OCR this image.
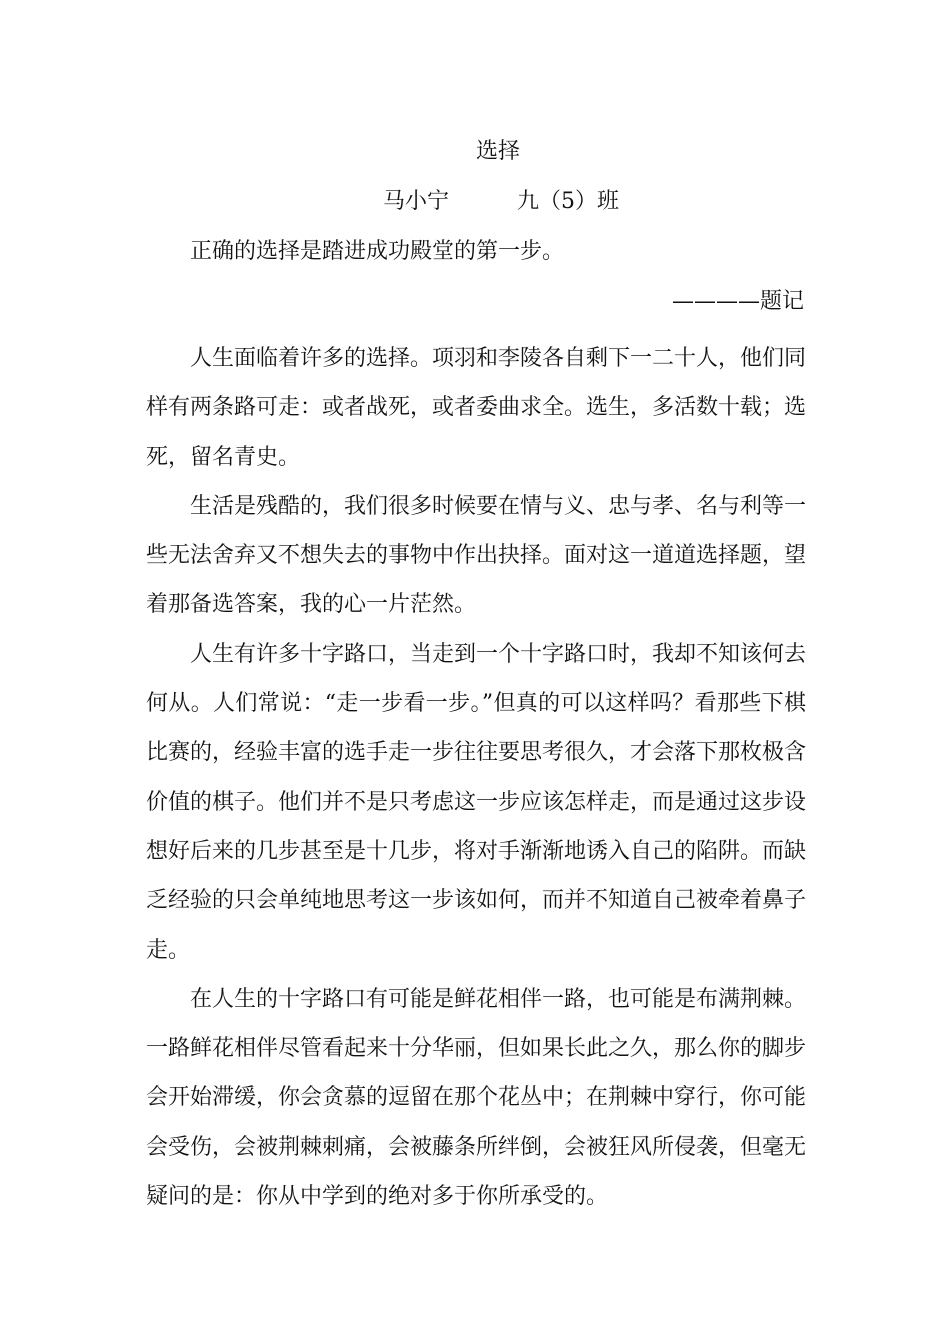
选择
马小宁	九（5）班
正确的选择是踏进成功殿堂的第一步。
————题记

人生面临着许多的选择。项羽和李陵各自剩下一二十人，他们同样有两条路可走：或者战死，或者委曲求全。选生，多活数十载；选死，留名青史。

生活是残酷的，我们很多时候要在情与义、忠与孝、名与利等一些无法舍弃又不想失去的事物中作出抉择。面对这一道道选择题，望着那备选答案，我的心一片茫然。

人生有许多十字路口，当走到一个十字路口时，我却不知该何去何从。人们常说：“走一步看一步。”但真的可以这样吗？看那些下棋比赛的，经验丰富的选手走一步往往要思考很久，才会落下那枚极含价值的棋子。他们并不是只考虑这一步应该怎样走，而是通过这步设想好后来的几步甚至是十几步，将对手渐渐地诱入自己的陷阱。而缺乏经验的只会单纯地思考这一步该如何，而并不知道自己被牵着鼻子走。

在人生的十字路口有可能是鲜花相伴一路，也可能是布满荆棘。一路鲜花相伴尽管看起来十分华丽，但如果长此之久，那么你的脚步会开始滞缓，你会贪慕的逗留在那个花丛中；在荆棘中穿行，你可能会受伤，会被荆棘刺痛，会被藤条所绊倒，会被狂风所侵袭，但毫无疑问的是：你从中学到的绝对多于你所承受的。
